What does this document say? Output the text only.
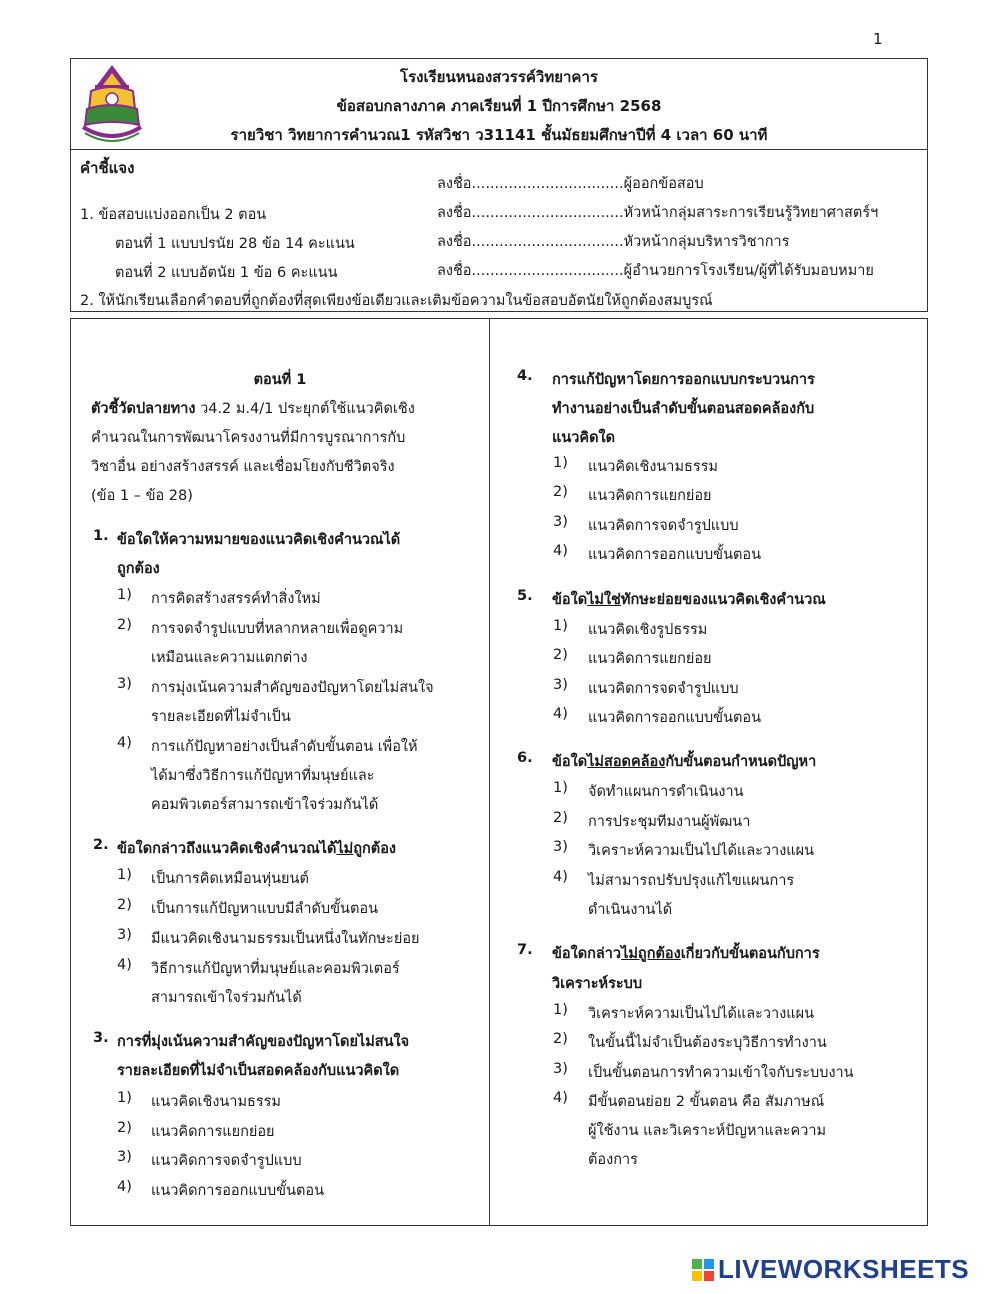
1
โรงเรียนหนองสวรรค์วิทยาคาร
ข้อสอบกลางภาค ภาคเรียนที่ 1 ปีการศึกษา 2568
รายวิชา วิทยาการคำนวณ1 รหัสวิชา ว31141 ชั้นมัธยมศึกษาปีที่ 4 เวลา 60 นาที
คำชี้แจง
1. ข้อสอบแบ่งออกเป็น 2 ตอน
ตอนที่ 1 แบบปรนัย 28 ข้อ 14 คะแนน
ตอนที่ 2 แบบอัตนัย 1 ข้อ 6 คะแนน
2. ให้นักเรียนเลือกคำตอบที่ถูกต้องที่สุดเพียงข้อเดียวและเติมข้อความในข้อสอบอัตนัยให้ถูกต้องสมบูรณ์
ลงชื่อ.................................ผู้ออกข้อสอบ
ลงชื่อ.................................หัวหน้ากลุ่มสาระการเรียนรู้วิทยาศาสตร์ฯ
ลงชื่อ.................................หัวหน้ากลุ่มบริหารวิชาการ
ลงชื่อ.................................ผู้อำนวยการโรงเรียน/ผู้ที่ได้รับมอบหมาย
ตอนที่ 1
ตัวชี้วัดปลายทาง ว4.2 ม.4/1 ประยุกต์ใช้แนวคิดเชิง
คำนวณในการพัฒนาโครงงานที่มีการบูรณาการกับ
วิชาอื่น อย่างสร้างสรรค์ และเชื่อมโยงกับชีวิตจริง
(ข้อ 1 – ข้อ 28)
1. ข้อใดให้ความหมายของแนวคิดเชิงคำนวณได้
ถูกต้อง
1) การคิดสร้างสรรค์ทำสิ่งใหม่
2) การจดจำรูปแบบที่หลากหลายเพื่อดูความ
เหมือนและความแตกต่าง
3) การมุ่งเน้นความสำคัญของปัญหาโดยไม่สนใจ
รายละเอียดที่ไม่จำเป็น
4) การแก้ปัญหาอย่างเป็นลำดับขั้นตอน เพื่อให้
ได้มาซึ่งวิธีการแก้ปัญหาที่มนุษย์และ
คอมพิวเตอร์สามารถเข้าใจร่วมกันได้
2. ข้อใดกล่าวถึงแนวคิดเชิงคำนวณได้ไม่ถูกต้อง
1) เป็นการคิดเหมือนหุ่นยนต์
2) เป็นการแก้ปัญหาแบบมีลำดับขั้นตอน
3) มีแนวคิดเชิงนามธรรมเป็นหนึ่งในทักษะย่อย
4) วิธีการแก้ปัญหาที่มนุษย์และคอมพิวเตอร์
สามารถเข้าใจร่วมกันได้
3. การที่มุ่งเน้นความสำคัญของปัญหาโดยไม่สนใจ
รายละเอียดที่ไม่จำเป็นสอดคล้องกับแนวคิดใด
1) แนวคิดเชิงนามธรรม
2) แนวคิดการแยกย่อย
3) แนวคิดการจดจำรูปแบบ
4) แนวคิดการออกแบบขั้นตอน
4. การแก้ปัญหาโดยการออกแบบกระบวนการ
ทำงานอย่างเป็นลำดับขั้นตอนสอดคล้องกับ
แนวคิดใด
1) แนวคิดเชิงนามธรรม
2) แนวคิดการแยกย่อย
3) แนวคิดการจดจำรูปแบบ
4) แนวคิดการออกแบบขั้นตอน
5. ข้อใดไม่ใช่ทักษะย่อยของแนวคิดเชิงคำนวณ
1) แนวคิดเชิงรูปธรรม
2) แนวคิดการแยกย่อย
3) แนวคิดการจดจำรูปแบบ
4) แนวคิดการออกแบบขั้นตอน
6. ข้อใดไม่สอดคล้องกับขั้นตอนกำหนดปัญหา
1) จัดทำแผนการดำเนินงาน
2) การประชุมทีมงานผู้พัฒนา
3) วิเคราะห์ความเป็นไปได้และวางแผน
4) ไม่สามารถปรับปรุงแก้ไขแผนการ
ดำเนินงานได้
7. ข้อใดกล่าวไม่ถูกต้องเกี่ยวกับขั้นตอนกับการ
วิเคราะห์ระบบ
1) วิเคราะห์ความเป็นไปได้และวางแผน
2) ในขั้นนี้ไม่จำเป็นต้องระบุวิธีการทำงาน
3) เป็นขั้นตอนการทำความเข้าใจกับระบบงาน
4) มีขั้นตอนย่อย 2 ขั้นตอน คือ สัมภาษณ์
ผู้ใช้งาน และวิเคราะห์ปัญหาและความ
ต้องการ
LIVEWORKSHEETS
